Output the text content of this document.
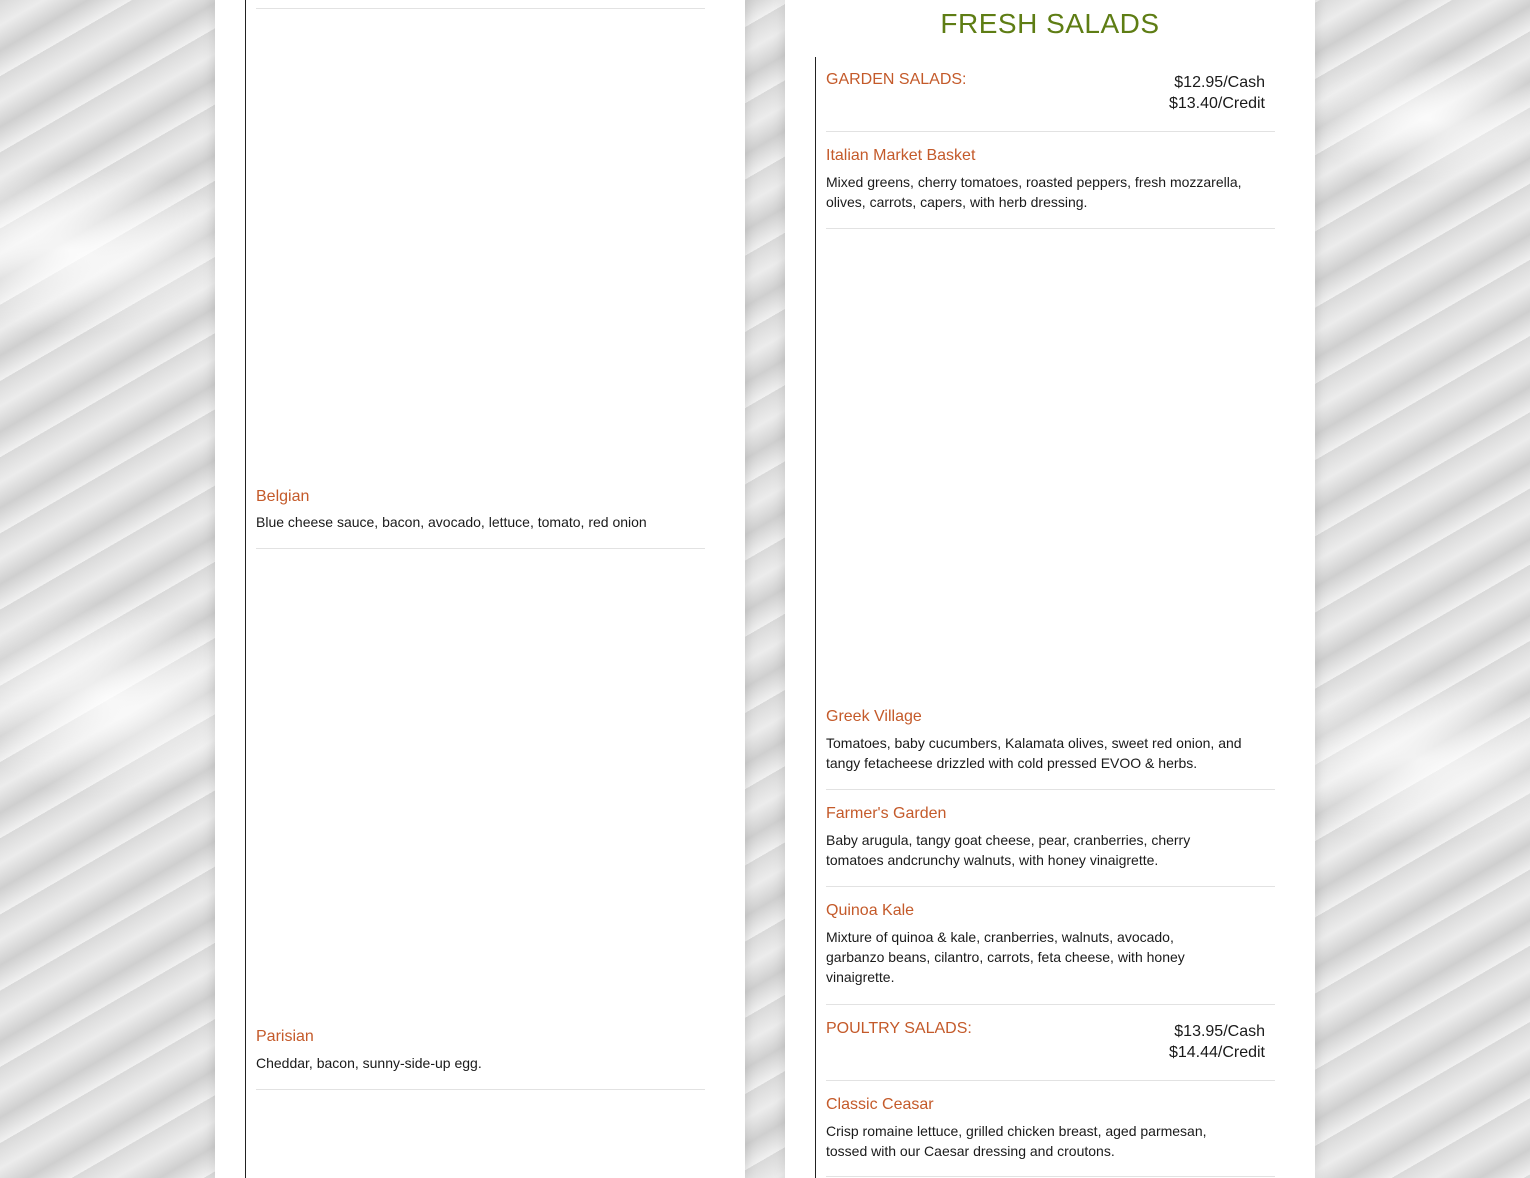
Belgian
Blue cheese sauce, bacon, avocado, lettuce, tomato, red onion
Parisian
Cheddar, bacon, sunny-side-up egg.
FRESH SALADS
GARDEN SALADS:	$12.95/Cash
$13.40/Credit
Italian Market Basket
Mixed greens, cherry tomatoes, roasted peppers, fresh mozzarella, olives, carrots, capers, with herb dressing.
Greek Village
Tomatoes, baby cucumbers, Kalamata olives, sweet red onion, and tangy fetacheese drizzled with cold pressed EVOO & herbs.
Farmer's Garden
Baby arugula, tangy goat cheese, pear, cranberries, cherry tomatoes andcrunchy walnuts, with honey vinaigrette.
Quinoa Kale
Mixture of quinoa & kale, cranberries, walnuts, avocado, garbanzo beans, cilantro, carrots, feta cheese, with honey vinaigrette.
POULTRY SALADS:	$13.95/Cash
$14.44/Credit
Classic Ceasar
Crisp romaine lettuce, grilled chicken breast, aged parmesan, tossed with our Caesar dressing and croutons.
